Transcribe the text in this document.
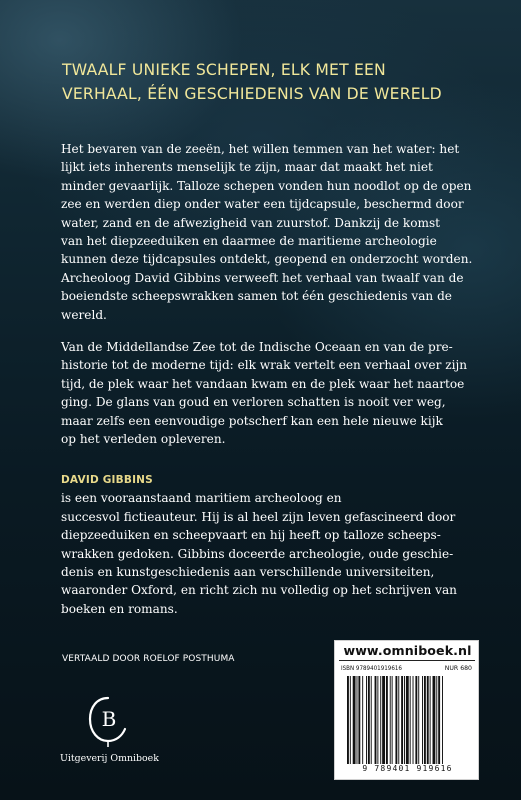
TWAALF UNIEKE SCHEPEN, ELK MET EEN
VERHAAL, ÉÉN GESCHIEDENIS VAN DE WERELD

Het bevaren van de zeeën, het willen temmen van het water: het
lijkt iets inherents menselijk te zijn, maar dat maakt het niet
minder gevaarlijk. Talloze schepen vonden hun noodlot op de open
zee en werden diep onder water een tijdcapsule, beschermd door
water, zand en de afwezigheid van zuurstof. Dankzij de komst
van het diepzeeduiken en daarmee de maritieme archeologie
kunnen deze tijdcapsules ontdekt, geopend en onderzocht worden.
Archeoloog David Gibbins verweeft het verhaal van twaalf van de
boeiendste scheepswrakken samen tot één geschiedenis van de
wereld.

Van de Middellandse Zee tot de Indische Oceaan en van de pre-
historie tot de moderne tijd: elk wrak vertelt een verhaal over zijn
tijd, de plek waar het vandaan kwam en de plek waar het naartoe
ging. De glans van goud en verloren schatten is nooit ver weg,
maar zelfs een eenvoudige potscherf kan een hele nieuwe kijk
op het verleden opleveren.

DAVID GIBBINS
is een vooraanstaand maritiem archeoloog en
succesvol fictieauteur. Hij is al heel zijn leven gefascineerd door
diepzeeduiken en scheepvaart en hij heeft op talloze scheeps-
wrakken gedoken. Gibbins doceerde archeologie, oude geschie-
denis en kunstgeschiedenis aan verschillende universiteiten,
waaronder Oxford, en richt zich nu volledig op het schrijven van
boeken en romans.

VERTAALD DOOR ROELOF POSTHUMA

B
Uitgeverij Omniboek
www.omniboek.nl
ISBN 9789401919616	NUR 680
9 789401 919616
